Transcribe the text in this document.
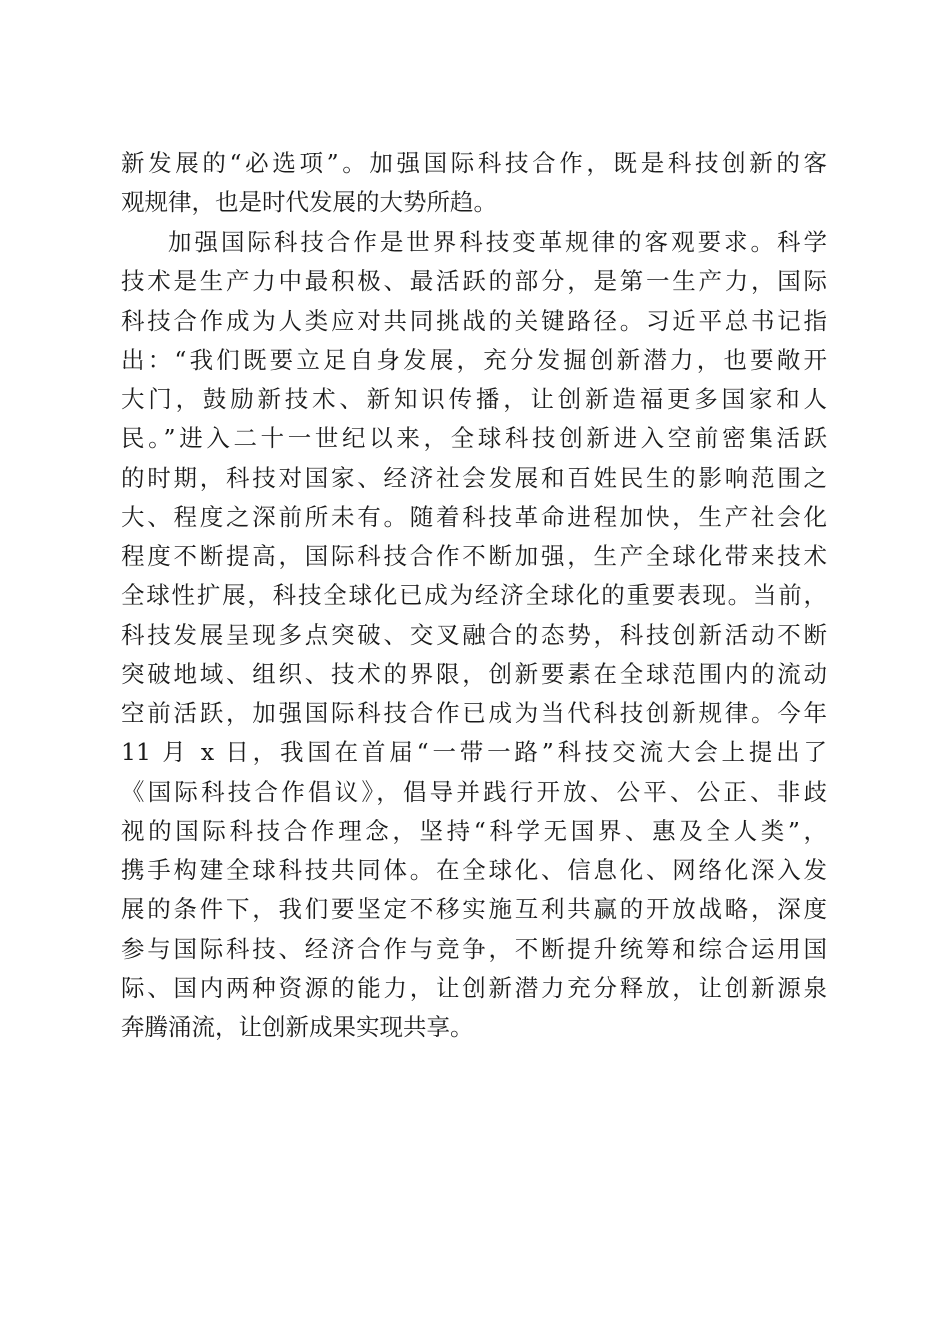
新发展的“必选项”。加强国际科技合作，既是科技创新的客
观规律，也是时代发展的大势所趋。
加强国际科技合作是世界科技变革规律的客观要求。科学
技术是生产力中最积极、最活跃的部分，是第一生产力，国际
科技合作成为人类应对共同挑战的关键路径。习近平总书记指
出：“我们既要立足自身发展，充分发掘创新潜力，也要敞开
大门，鼓励新技术、新知识传播，让创新造福更多国家和人
民。”进入二十一世纪以来，全球科技创新进入空前密集活跃
的时期，科技对国家、经济社会发展和百姓民生的影响范围之
大、程度之深前所未有。随着科技革命进程加快，生产社会化
程度不断提高，国际科技合作不断加强，生产全球化带来技术
全球性扩展，科技全球化已成为经济全球化的重要表现。当前，
科技发展呈现多点突破、交叉融合的态势，科技创新活动不断
突破地域、组织、技术的界限，创新要素在全球范围内的流动
空前活跃，加强国际科技合作已成为当代科技创新规律。今年
11 月 x 日，我国在首届“一带一路”科技交流大会上提出了
《国际科技合作倡议》，倡导并践行开放、公平、公正、非歧
视的国际科技合作理念，坚持“科学无国界、惠及全人类”，
携手构建全球科技共同体。在全球化、信息化、网络化深入发
展的条件下，我们要坚定不移实施互利共赢的开放战略，深度
参与国际科技、经济合作与竞争，不断提升统筹和综合运用国
际、国内两种资源的能力，让创新潜力充分释放，让创新源泉
奔腾涌流，让创新成果实现共享。
